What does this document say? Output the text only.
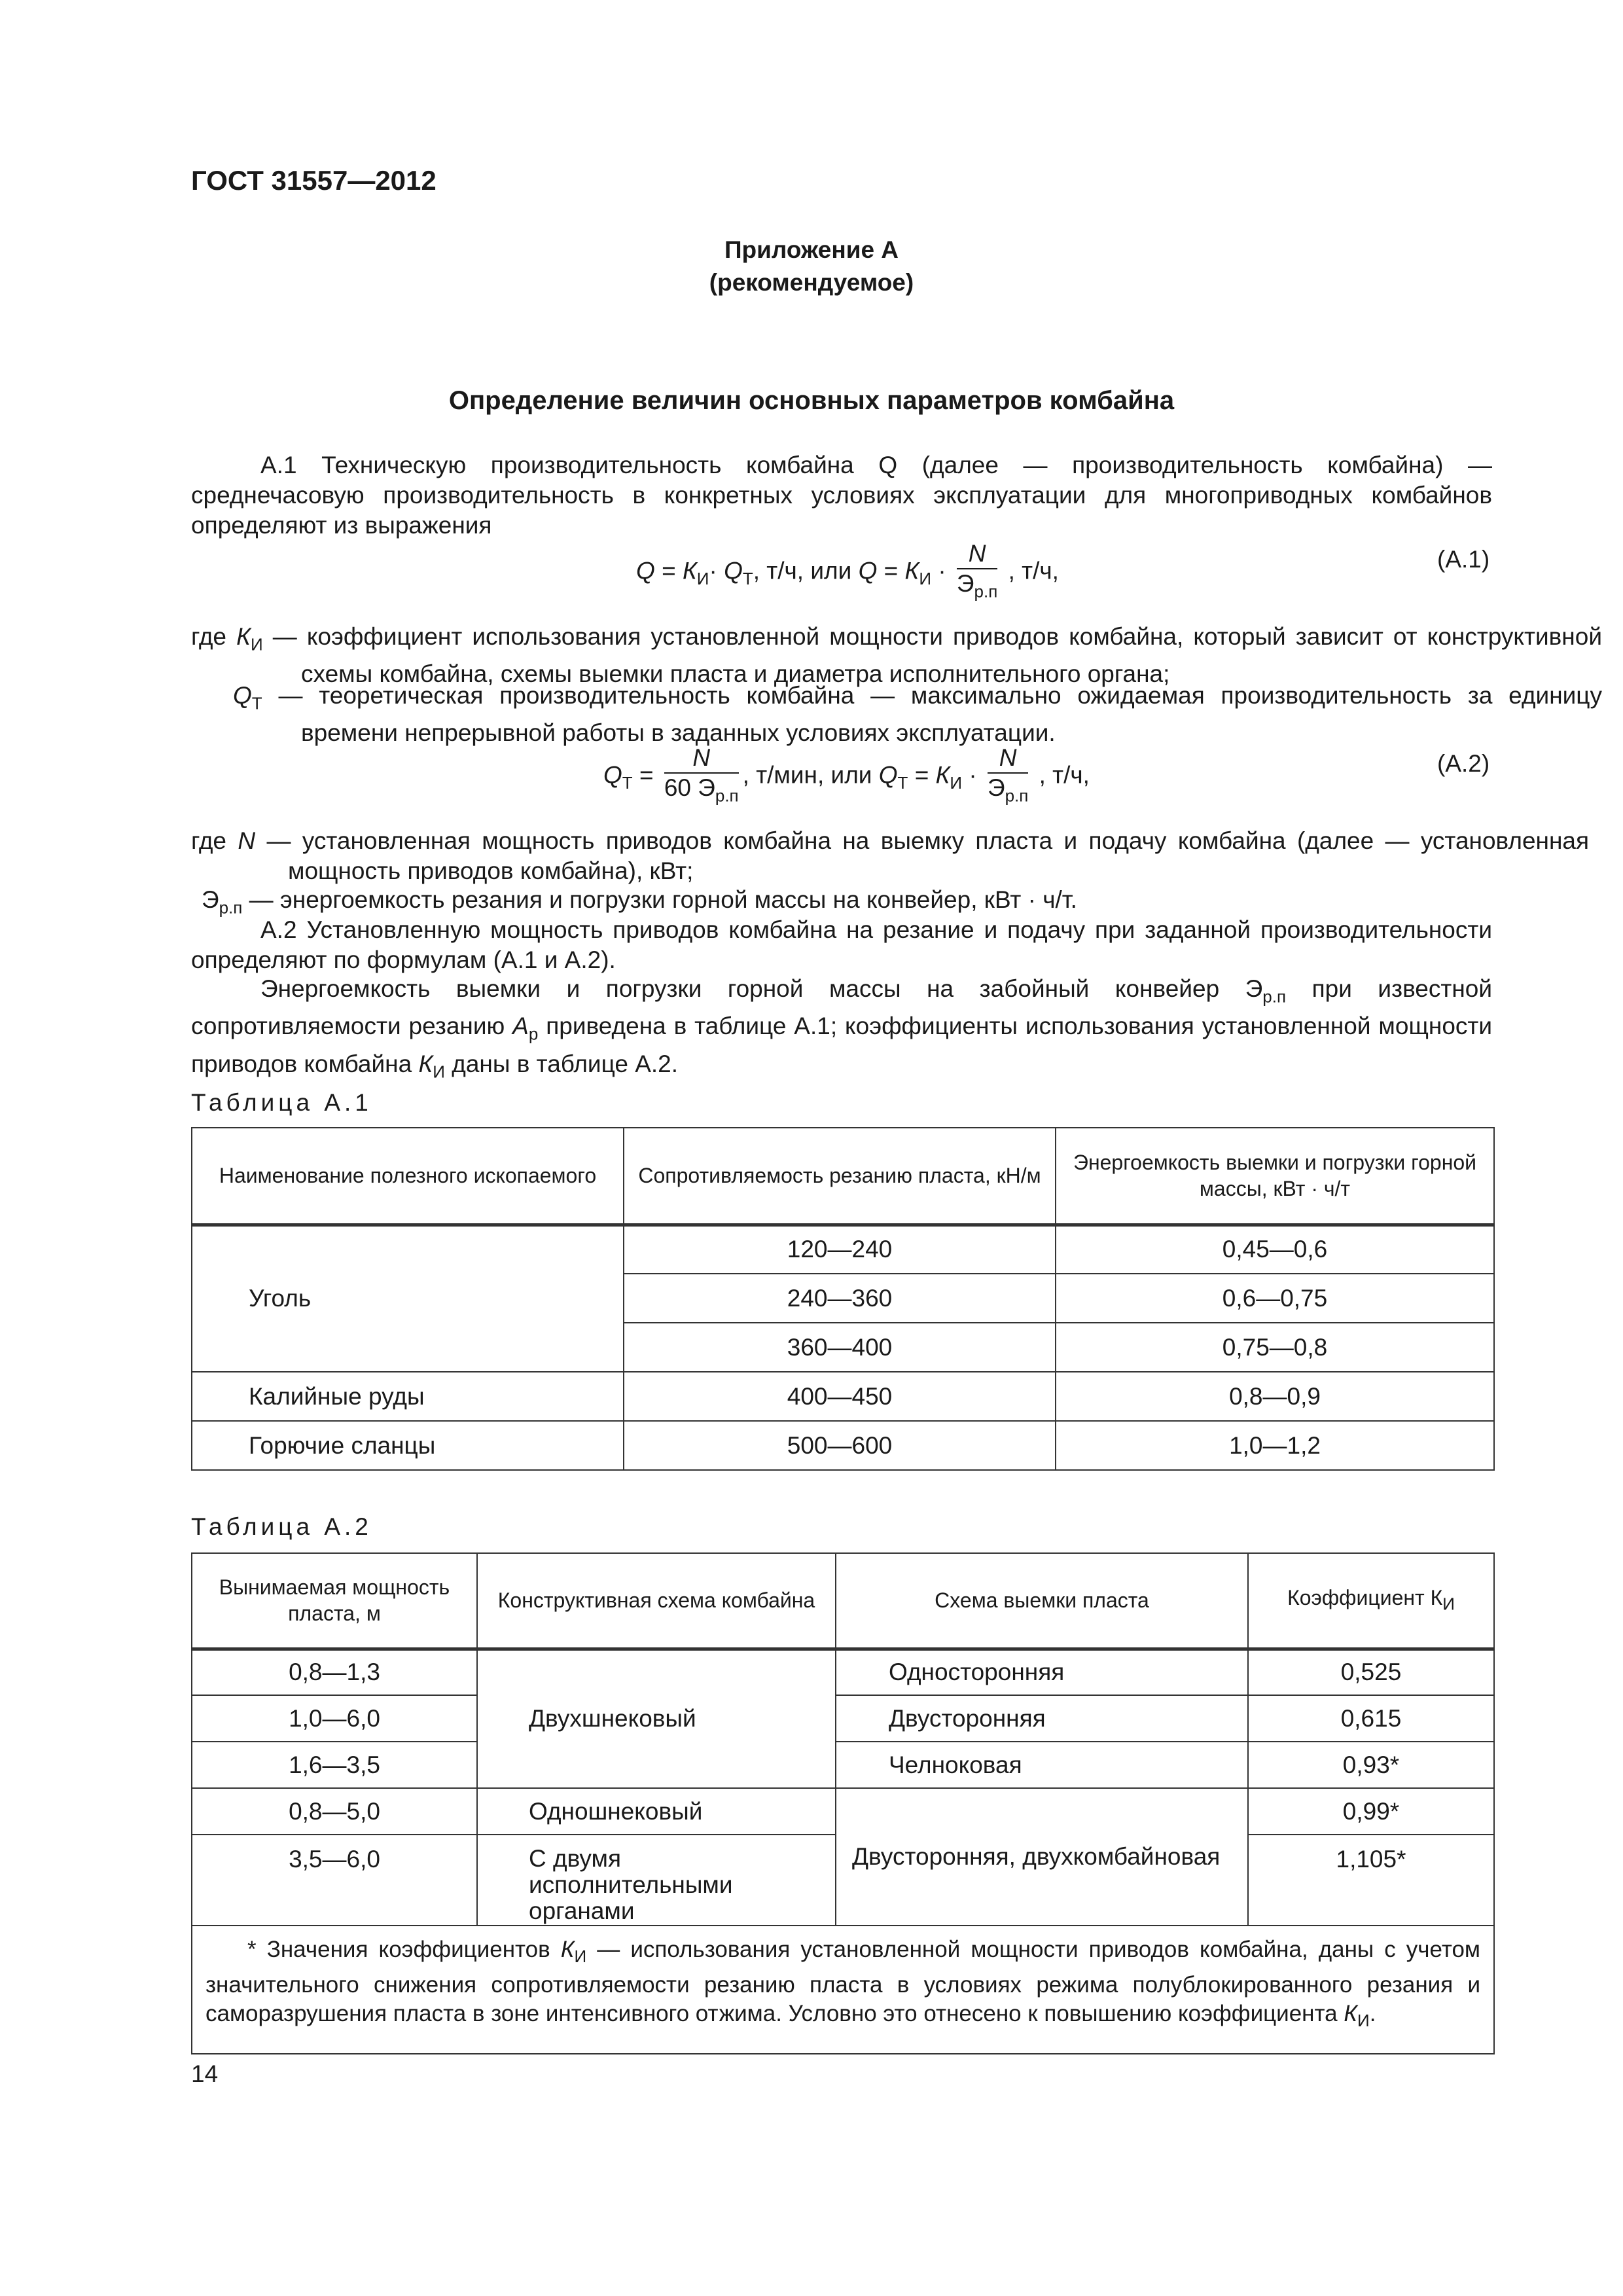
ГОСТ 31557—2012
Приложение А
(рекомендуемое)
Определение величин основных параметров комбайна
А.1 Техническую производительность комбайна Q (далее — производительность комбайна) — среднечасовую производительность в конкретных условиях эксплуатации для многоприводных комбайнов определяют из выражения
$Q = К_И\cdot Q_Т$, т/ч, или $Q = К_И \cdot \frac{N}{Э_{р.п}}$ , т/ч,	(А.1)
где $К_И$ — коэффициент использования установленной мощности приводов комбайна, который зависит от конструктивной схемы комбайна, схемы выемки пласта и диаметра исполнительного органа;
$Q_Т$ — теоретическая производительность комбайна — максимально ожидаемая производительность за единицу времени непрерывной работы в заданных условиях эксплуатации.
$Q_Т = \frac{N}{60 Э_{р.п}}$ , т/мин, или $Q_Т = К_И \cdot \frac{N}{Э_{р.п}}$ , т/ч,	(А.2)
где N — установленная мощность приводов комбайна на выемку пласта и подачу комбайна (далее — установленная мощность приводов комбайна), кВт;
$Э_{р.п}$ — энергоемкость резания и погрузки горной массы на конвейер, кВт · ч/т.
А.2 Установленную мощность приводов комбайна на резание и подачу при заданной производительности определяют по формулам (А.1 и А.2).
Энергоемкость выемки и погрузки горной массы на забойный конвейер $Э_{р.п}$ при известной сопротивляемости резанию $А_р$ приведена в таблице А.1; коэффициенты использования установленной мощности приводов комбайна $К_И$ даны в таблице А.2.
Таблица А.1
Наименование полезного ископаемого	Сопротивляемость резанию пласта, кН/м	Энергоемкость выемки и погрузки горной массы, кВт · ч/т
Уголь	120—240	0,45—0,6
	240—360	0,6—0,75
	360—400	0,75—0,8
Калийные руды	400—450	0,8—0,9
Горючие сланцы	500—600	1,0—1,2
Таблица А.2
Вынимаемая мощность пласта, м	Конструктивная схема комбайна	Схема выемки пласта	Коэффициент $К_И$
0,8—1,3	Двухшнековый	Односторонняя	0,525
1,0—6,0		Двусторонняя	0,615
1,6—3,5		Челноковая	0,93*
0,8—5,0	Одношнековый	Двусторонняя, двухкомбайновая	0,99*
3,5—6,0	С двумя исполнительными органами		1,105*
* Значения коэффициентов $К_И$ — использования установленной мощности приводов комбайна, даны с учетом значительного снижения сопротивляемости резанию пласта в условиях режима полублокированного резания и саморазрушения пласта в зоне интенсивного отжима. Условно это отнесено к повышению коэффициента $К_И$.			
14
